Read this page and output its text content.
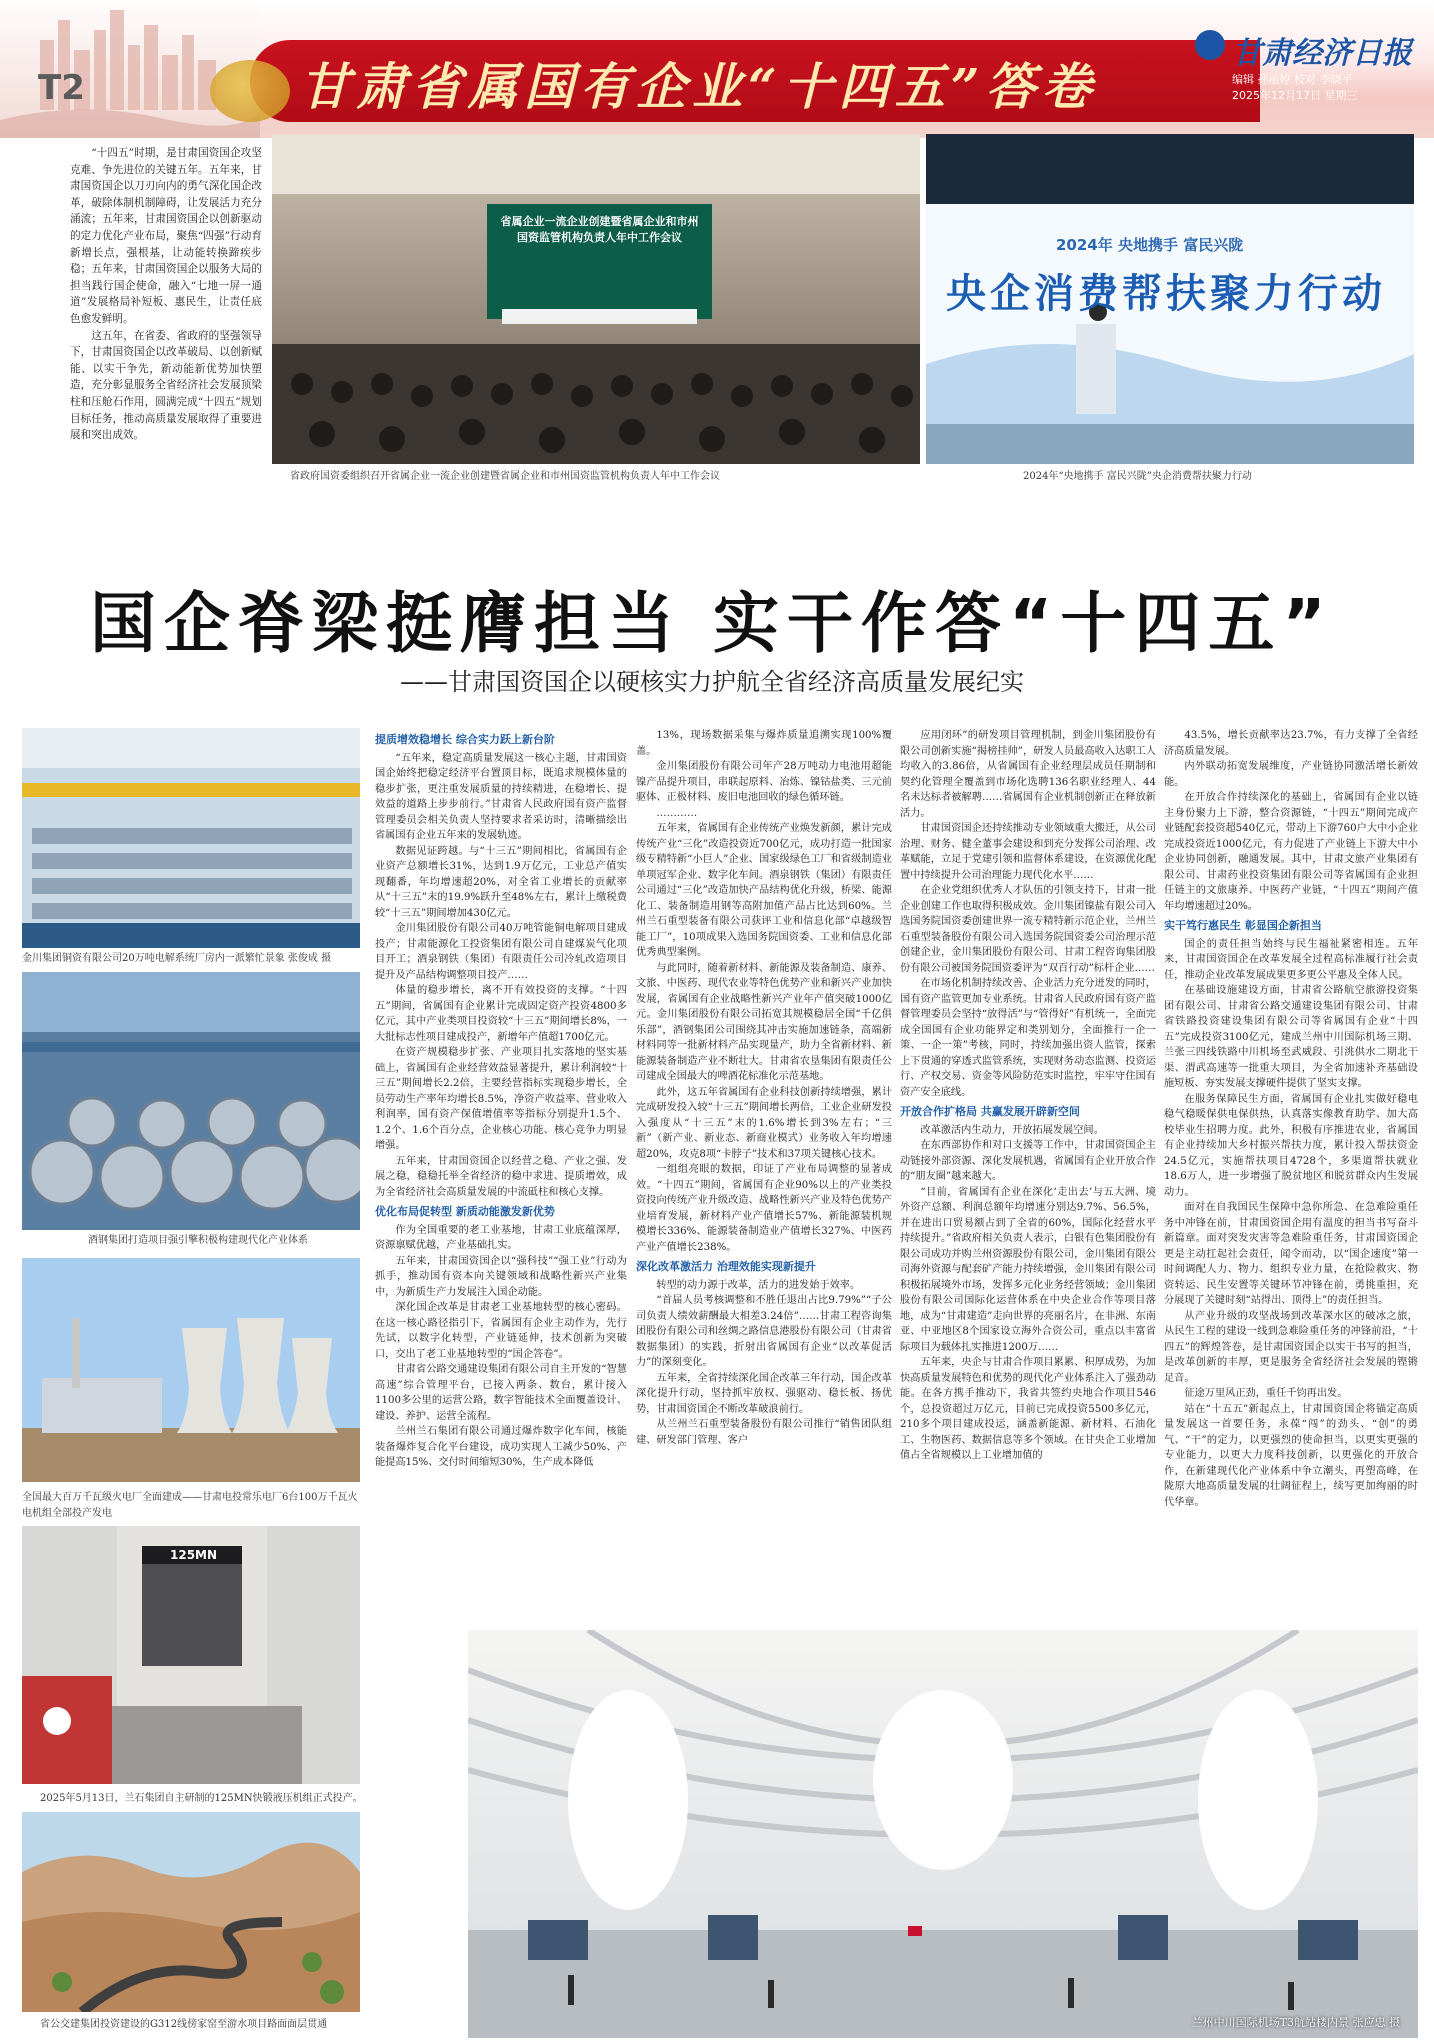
T2	甘肃省属国有企业“十四五”答卷
甘肃经济日报
编辑 孙丽婷 校对 李晓平
2025年12月17日 星期三

“十四五”时期，是甘肃国资国企攻坚克难、争先进位的关键五年。五年来，甘肃国资国企以刀刃向内的勇气深化国企改革，破除体制机制障碍，让发展活力充分涌流；五年来，甘肃国资国企以创新驱动的定力优化产业布局，聚焦“四强”行动育新增长点，强根基，让动能转换蹄疾步稳；五年来，甘肃国资国企以服务大局的担当践行国企使命，融入“七地一屏一通道”发展格局补短板、惠民生，让责任底色愈发鲜明。

这五年，在省委、省政府的坚强领导下，甘肃国资国企以改革破局、以创新赋能、以实干争先，新动能新优势加快塑造，充分彰显服务全省经济社会发展顶梁柱和压舱石作用，圆满完成“十四五”规划目标任务，推动高质量发展取得了重要进展和突出成效。

省属企业一流企业创建暨省属企业和市州国资监管机构负责人年中工作会议
省政府国资委组织召开省属企业一流企业创建暨省属企业和市州国资监管机构负责人年中工作会议
2024年 央地携手 富民兴陇
央企消费帮扶聚力行动
2024年“央地携手 富民兴陇”央企消费帮扶聚力行动
国企脊梁挺膺担当 实干作答“十四五”
——甘肃国资国企以硬核实力护航全省经济高质量发展纪实
金川集团铜资有限公司20万吨电解系统厂房内一派繁忙景象 张俊成 摄
酒钢集团打造项目强引擎积极构建现代化产业体系
全国最大百万千瓦级火电厂全面建成——甘肃电投常乐电厂6台100万千瓦火电机组全部投产发电
125MN
2025年5月13日，兰石集团自主研制的125MN快锻液压机组正式投产。
省公交建集团投资建设的G312线傍家窑至游水项目路面面层贯通
提质增效稳增长 综合实力跃上新台阶

“五年来，稳定高质量发展这一核心主题，甘肃国资国企始终把稳定经济平台置顶目标，既追求规模体量的稳步扩张，更注重发展质量的持续精进，在稳增长、提效益的道路上步步前行。”甘肃省人民政府国有资产监督管理委员会相关负责人坚持要求者采访时，清晰描绘出省属国有企业五年来的发展轨迹。

数据见证跨越。与“十三五”期间相比，省属国有企业资产总额增长31%，达到1.9万亿元，工业总产值实现翻番，年均增速超20%，对全省工业增长的贡献率从“十三五”末的19.9%跃升至48%左右，累计上缴税费较“十三五”期间增加430亿元。

金川集团股份有限公司40万吨管能铜电解项目建成投产；甘肃能源化工投资集团有限公司自建煤炭气化项目开工；酒泉钢铁（集团）有限责任公司冷轧改造项目提升及产品结构调整项目投产……

体量的稳步增长，离不开有效投资的支撑。“十四五”期间，省属国有企业累计完成固定资产投资4800多亿元，其中产业类项目投资较“十三五”期间增长8%，一大批标志性项目建成投产，新增年产值超1700亿元。

在资产规模稳步扩张、产业项目扎实落地的坚实基础上，省属国有企业经营效益显著提升，累计利润较“十三五”期间增长2.2倍，主要经营指标实现稳步增长，全员劳动生产率年均增长8.5%，净资产收益率、营业收入利润率，国有资产保值增值率等指标分别提升1.5个、1.2个、1.6个百分点，企业核心功能、核心竞争力明显增强。

五年来，甘肃国资国企以经营之稳、产业之强、发展之稳，稳稳托举全省经济的稳中求进、提质增效，成为全省经济社会高质量发展的中流砥柱和核心支撑。

优化布局促转型 新质动能激发新优势

作为全国重要的老工业基地，甘肃工业底蕴深厚，资源禀赋优越，产业基础扎实。

五年来，甘肃国资国企以“强科技”“强工业”行动为抓手，推动国有资本向关键领域和战略性新兴产业集中，为新质生产力发展注入国企动能。

深化国企改革是甘肃老工业基地转型的核心密码。在这一核心路径指引下，省属国有企业主动作为，先行先试，以数字化转型，产业链延伸，技术创新为突破口，交出了老工业基地转型的“国企答卷”。

甘肃省公路交通建设集团有限公司自主开发的“智慧高速”综合管理平台，已接入两条、数台，累计接入1100多公里的运营公路，数字智能技术全面覆盖设计、建设、养护、运营全流程。

兰州兰石集团有限公司通过爆炸数字化车间，核能装备爆炸复合化平台建设，成功实现人工减少50%、产能提高15%、交付时间缩短30%，生产成本降低

13%，现场数据采集与爆炸质量追溯实现100%覆盖。

金川集团股份有限公司年产28万吨动力电池用超能镍产品提升项目，串联起原料、冶炼、镍钴盐类、三元前驱体、正极材料、废旧电池回收的绿色循环链。

…………

五年来，省属国有企业传统产业焕发新颜，累计完成传统产业“三化”改造投资近700亿元，成功打造一批国家级专精特新“小巨人”企业、国家级绿色工厂和省级制造业单项冠军企业、数字化车间。酒泉钢铁（集团）有限责任公司通过“三化”改造加快产品结构优化升级，桥梁、能源化工、装备制造用钢等高附加值产品占比达到60%。兰州兰石重型装备有限公司获评工业和信息化部“卓越级智能工厂”，10项成果入选国务院国资委、工业和信息化部优秀典型案例。

与此同时，随着新材料、新能源及装备制造、康养、文旅、中医药、现代农业等特色优势产业和新兴产业加快发展，省属国有企业战略性新兴产业年产值突破1000亿元。金川集团股份有限公司拓宽其规模稳居全国“千亿俱乐部”，酒钢集团公司围绕其冲击实施加速链条，高端新材料同等一批新材料产品实现量产，助力全省新材料、新能源装备制造产业不断壮大。甘肃省农垦集团有限责任公司建成全国最大的啤酒花标准化示范基地。

此外，这五年省属国有企业科技创新持续增强，累计完成研发投入较“十三五”期间增长两倍，工业企业研发投入强度从“十三五”末的1.6%增长到3%左右；“三新”（新产业、新业态、新商业模式）业务收入年均增速超20%，攻克8项“卡脖子”技术和37项关键核心技术。

一组组亮眼的数据，印证了产业布局调整的显著成效。“十四五”期间，省属国有企业90%以上的产业类投资投向传统产业升级改造、战略性新兴产业及特色优势产业培育发展，新材料产业产值增长57%、新能源装机规模增长336%、能源装备制造业产值增长327%、中医药产业产值增长238%。

深化改革激活力 治理效能实现新提升

转型的动力源于改革，活力的进发始于效率。

“首届人员考核调整和不胜任退出占比9.79%”“子公司负责人绩效薪酬最大相差3.24倍”……甘肃工程咨询集团股份有限公司和丝绸之路信息港股份有限公司（甘肃省数据集团）的实践，折射出省属国有企业“以改革促活力”的深刻变化。

五年来，全省持续深化国企改革三年行动，国企改革深化提升行动，坚持抓牢放权、强驱动、稳长板、扬优势，甘肃国资国企不断改革破浪前行。

从兰州兰石重型装备股份有限公司推行“销售团队组建、研发部门管理、客户

应用闭环”的研发项目管理机制，到金川集团股份有限公司创新实施“揭榜挂帅”，研发人员最高收入达职工人均收入的3.86倍，从省属国有企业经理层成员任期制和契约化管理全覆盖到市场化选聘136名职业经理人、44名未达标者被解聘……省属国有企业机制创新正在释放新活力。

甘肃国资国企还持续推动专业领域重大搬迁，从公司治理、财务、健全董事会建设和到充分发挥公司治理、改革赋能，立足于党建引领和监督体系建设，在资源优化配置中持续提升公司治理能力现代化水平……

在企业党组织优秀人才队伍的引领支持下，甘肃一批企业创建工作也取得积极成效。金川集团镍盐有限公司入选国务院国资委创建世界一流专精特新示范企业，兰州兰石重型装备股份有限公司入选国务院国资委公司治理示范创建企业，金川集团股份有限公司、甘肃工程咨询集团股份有限公司被国务院国资委评为“双百行动”标杆企业……

在市场化机制持续改善、企业活力充分迸发的同时，国有资产监管更加专业系统。甘肃省人民政府国有资产监督管理委员会坚持“放得活”与“管得好”有机统一，全面完成全国国有企业功能界定和类别划分，全面推行一企一策、一企一策”考核，同时，持续加强出资人监管，探索上下贯通的穿透式监管系统，实现财务动态监测、投资运行、产权交易、资金等风险防范实时监控，牢牢守住国有资产安全底线。

开放合作扩格局 共赢发展开辟新空间

改革激活内生动力，开放拓展发展空间。

在东西部协作和对口支援等工作中，甘肃国资国企主动链接外部资源、深化发展机遇，省属国有企业开放合作的“朋友圈”越来越大。

“目前，省属国有企业在深化‘走出去’与五大洲、境外资产总额、利润总额年均增速分别达9.7%、56.5%，并在进出口贸易额占到了全省的60%，国际化经营水平持续提升。”省政府相关负责人表示，白银有色集团股份有限公司成功并购兰州资源股份有限公司，金川集团有限公司海外资源与配套矿产能力持续增强，金川集团有限公司积极拓展境外市场，发挥多元化业务经营领域；金川集团股份有限公司国际化运营体系在中央企业合作等项目落地，成为“甘肃建造”走向世界的亮丽名片，在非洲、东南亚、中亚地区8个国家设立海外合资公司，重点以丰富省际项目为载体扎实推进1200万……

五年来，央企与甘肃合作项目累累、积厚成势，为加快高质量发展特色和优势的现代化产业体系注入了强劲动能。在各方携手推动下，我省共签约央地合作项目546个，总投资超过万亿元，目前已完成投资5500多亿元，210多个项目建成投运，涵盖新能源、新材料、石油化工、生物医药、数据信息等多个领域。在甘央企工业增加值占全省规模以上工业增加值的

43.5%，增长贡献率达23.7%，有力支撑了全省经济高质量发展。

内外联动拓宽发展维度，产业链协同激活增长新效能。

在开放合作持续深化的基础上，省属国有企业以链主身份聚力上下游，整合资源链，“十四五”期间完成产业链配套投资超540亿元，带动上下游760户大中小企业完成投资近1000亿元，有力促进了产业链上下游大中小企业协同创新，融通发展。其中，甘肃文旅产业集团有限公司、甘肃药业投资集团有限公司等省属国有企业担任链主的文旅康养、中医药产业链，“十四五”期间产值年均增速超过20%。

实干笃行惠民生 彰显国企新担当

国企的责任担当始终与民生福祉紧密相连。五年来，甘肃国资国企在改革发展全过程高标准履行社会责任，推动企业改革发展成果更多更公平惠及全体人民。

在基础设施建设方面，甘肃省公路航空旅游投资集团有限公司、甘肃省公路交通建设集团有限公司、甘肃省铁路投资建设集团有限公司等省属国有企业“十四五”完成投资3100亿元，建成兰州中川国际机场三期、兰张三四线铁路中川机场至武威段、引洮供水二期北干渠、渭武高速等一批重大项目，为全省加速补齐基础设施短板、夯实发展支撑硬件提供了坚实支撑。

在服务保障民生方面，省属国有企业扎实做好稳电稳气稳暖保供电保供热，认真落实像教育助学、加大高校毕业生招聘力度。此外，积极有序推进农业，省属国有企业持续加大乡村振兴帮扶力度，累计投入帮扶资金24.5亿元，实施帮扶项目4728个，多渠道帮扶就业18.6万人，进一步增强了脱贫地区和脱贫群众内生发展动力。

面对在自我国民生保障中急你所急、在急难险重任务中冲锋在前，甘肃国资国企用有温度的担当书写奋斗新篇章。面对突发灾害等急难险重任务，甘肃国资国企更是主动扛起社会责任，闻令而动，以“国企速度”第一时间调配人力、物力、组织专业力量，在抢险救灾、物资转运、民生安置等关键环节冲锋在前，勇挑重担，充分展现了关键时刻“站得出、顶得上”的责任担当。

从产业升级的攻坚战场到改革深水区的破冰之旅，从民生工程的建设一线到急难险重任务的冲锋前沿，“十四五”的辉煌答卷，是甘肃国资国企以实干书写的担当，是改革创新的丰厚，更是服务全省经济社会发展的铿锵足音。

征途万里风正劲，重任千钧再出发。

站在“十五五”新起点上，甘肃国资国企将锚定高质量发展这一首要任务，永葆“闯”的劲头、“创”的勇气、“干”的定力，以更强烈的使命担当，以更实更强的专业能力，以更大力度科技创新，以更强化的开放合作，在新建现代化产业体系中争立潮头，再塑高峰，在陇原大地高质量发展的壮阔征程上，续写更加绚丽的时代华章。

兰州中川国际机场T3航站楼内景 张应忠 摄
